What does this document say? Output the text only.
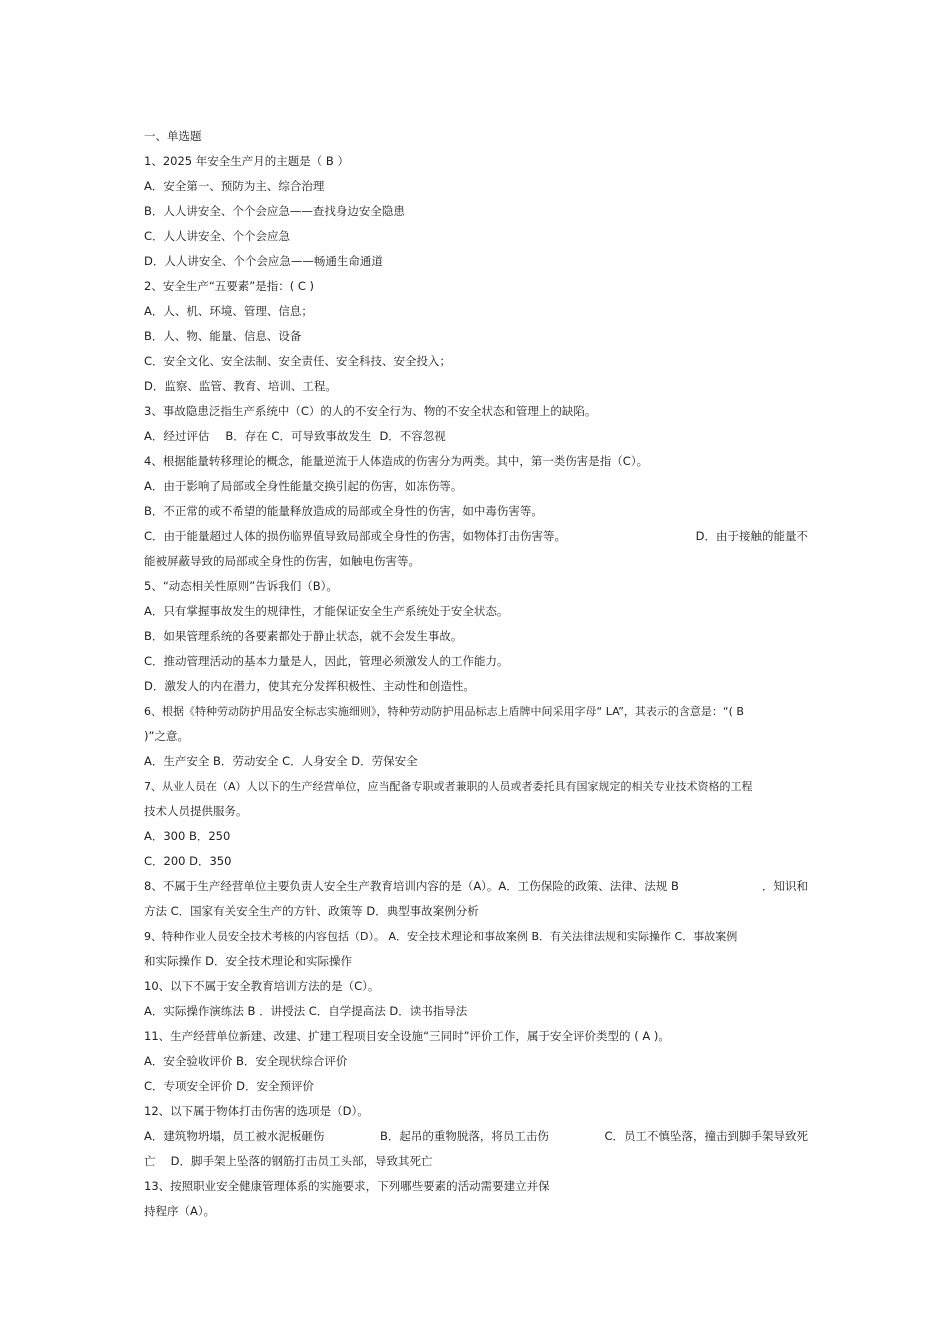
一、单选题
1、2025 年安全生产月的主题是（ B ）
A．安全第一、预防为主、综合治理
B．人人讲安全、个个会应急——查找身边安全隐患
C．人人讲安全、个个会应急
D．人人讲安全、个个会应急——畅通生命通道
2、安全生产“五要素”是指：( C )
A．人、机、环境、管理、信息；
B．人、物、能量、信息、设备
C．安全文化、安全法制、安全责任、安全科技、安全投入；
D．监察、监管、教育、培训、工程。
3、事故隐患泛指生产系统中（C）的人的不安全行为、物的不安全状态和管理上的缺陷。
A．经过评估 B．存在 C．可导致事故发生 D．不容忽视
4、根据能量转移理论的概念，能量逆流于人体造成的伤害分为两类。其中，第一类伤害是指（C）。
A．由于影响了局部或全身性能量交换引起的伤害，如冻伤等。
B．不正常的或不希望的能量释放造成的局部或全身性的伤害，如中毒伤害等。
C．由于能量超过人体的损伤临界值导致局部或全身性的伤害，如物体打击伤害等。	D．由于接触的能量不
能被屏蔽导致的局部或全身性的伤害，如触电伤害等。
5、“动态相关性原则”告诉我们（B）。
A．只有掌握事故发生的规律性，才能保证安全生产系统处于安全状态。
B．如果管理系统的各要素都处于静止状态，就不会发生事故。
C．推动管理活动的基本力量是人，因此，管理必须激发人的工作能力。
D．激发人的内在潜力，使其充分发挥积极性、主动性和创造性。
6、根据《特种劳动防护用品安全标志实施细则》，特种劳动防护用品标志上盾牌中间采用字母“ LA”，其表示的含意是：“( B
)”之意。
A．生产安全 B．劳动安全 C．人身安全 D．劳保安全
7、从业人员在（A）人以下的生产经营单位，应当配备专职或者兼职的人员或者委托具有国家规定的相关专业技术资格的工程
技术人员提供服务。
A．300 B．250
C．200 D．350
8、不属于生产经营单位主要负责人安全生产教育培训内容的是（A）。A．工伤保险的政策、法律、法规 B	．知识和
方法 C．国家有关安全生产的方针、政策等 D．典型事故案例分析
9、特种作业人员安全技术考核的内容包括（D）。 A．安全技术理论和事故案例 B．有关法律法规和实际操作 C．事故案例
和实际操作 D．安全技术理论和实际操作
10、以下不属于安全教育培训方法的是（C）。
A．实际操作演练法 B ．讲授法 C．自学提高法 D．读书指导法
11、生产经营单位新建、改建、扩建工程项目安全设施“三同时”评价工作，属于安全评价类型的 ( A )。
A．安全验收评价 B．安全现状综合评价
C．专项安全评价 D．安全预评价
12、以下属于物体打击伤害的选项是（D）。
A．建筑物坍塌，员工被水泥板砸伤	B．起吊的重物脱落，将员工击伤	C．员工不慎坠落，撞击到脚手架导致死
亡　 D．脚手架上坠落的钢筋打击员工头部，导致其死亡
13、按照职业安全健康管理体系的实施要求，下列哪些要素的活动需要建立并保
持程序（A）。
